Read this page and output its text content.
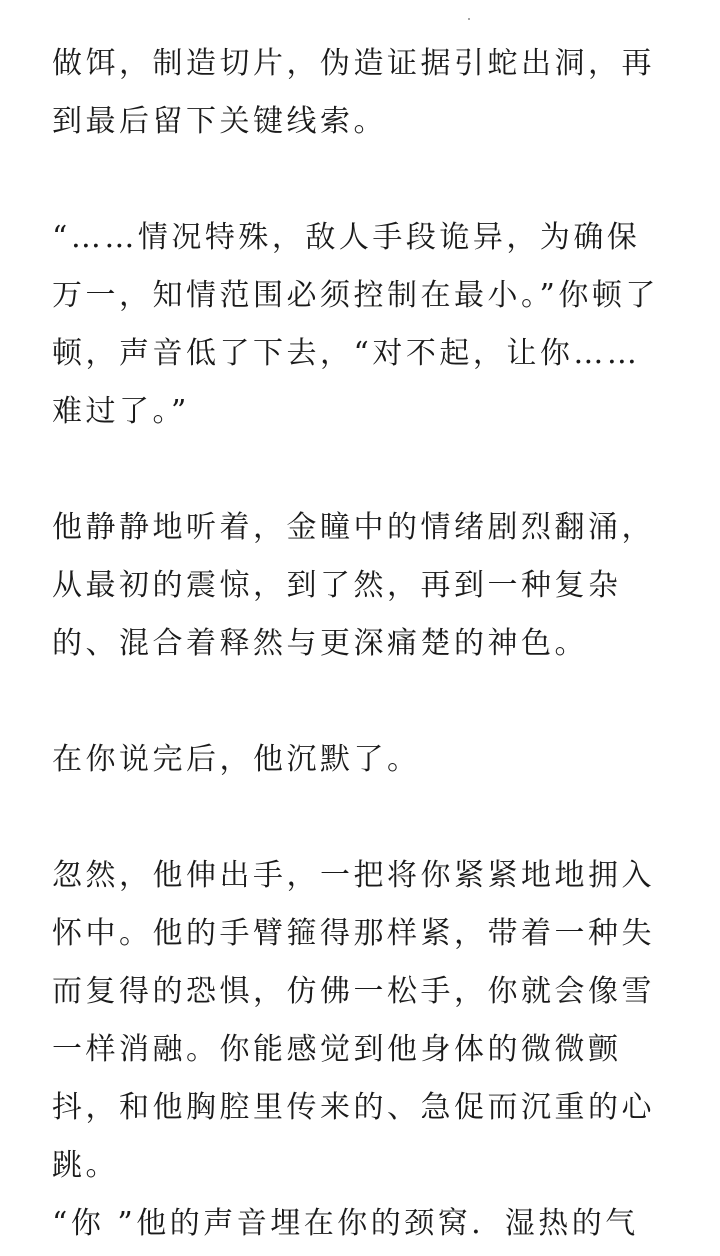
做饵，制造切片，伪造证据引蛇出洞，再到最后留下关键线索。

“……情况特殊，敌人手段诡异，为确保万一，知情范围必须控制在最小。”你顿了顿，声音低了下去，“对不起，让你……难过了。”

他静静地听着，金瞳中的情绪剧烈翻涌，从最初的震惊，到了然，再到一种复杂的、混合着释然与更深痛楚的神色。

在你说完后，他沉默了。

忽然，他伸出手，一把将你紧紧地地拥入怀中。他的手臂箍得那样紧，带着一种失而复得的恐惧，仿佛一松手，你就会像雪一样消融。你能感觉到他身体的微微颤抖，和他胸腔里传来的、急促而沉重的心跳。

“你 ”他的声音埋在你的颈窝．湿热的气
